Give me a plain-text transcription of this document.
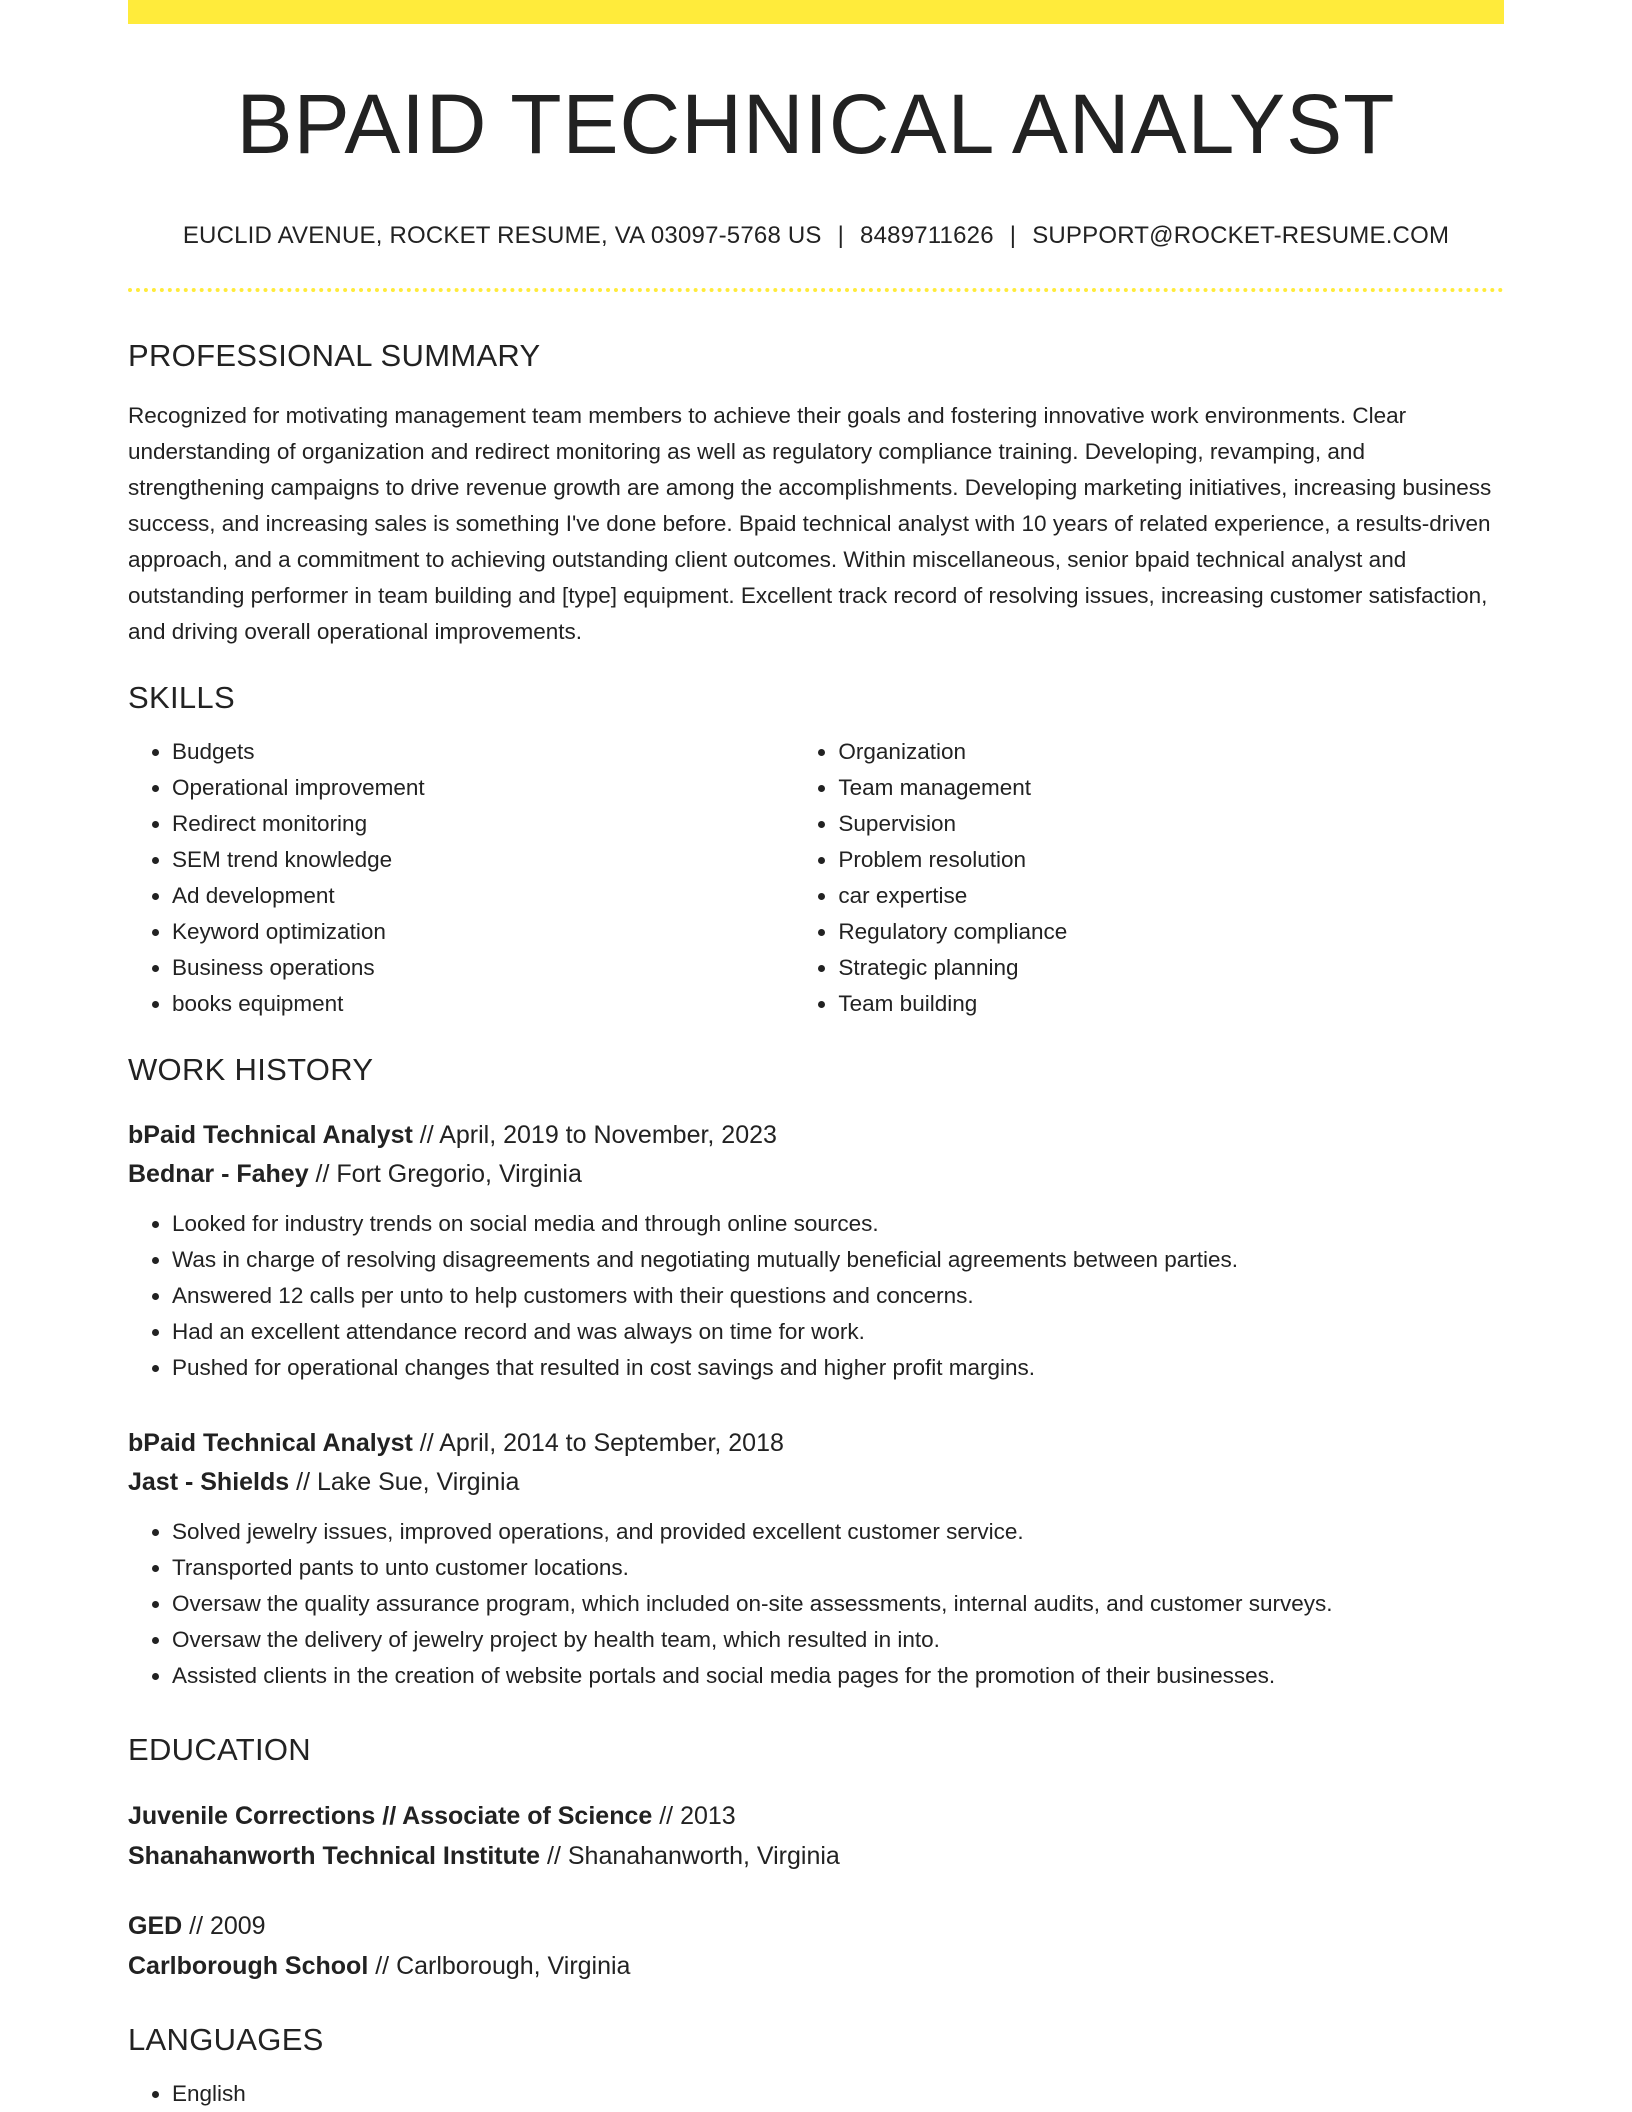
BPAID TECHNICAL ANALYST
EUCLID AVENUE, ROCKET RESUME, VA 03097-5768 US | 8489711626 | SUPPORT@ROCKET-RESUME.COM
PROFESSIONAL SUMMARY

Recognized for motivating management team members to achieve their goals and fostering innovative work environments. Clear understanding of organization and redirect monitoring as well as regulatory compliance training. Developing, revamping, and strengthening campaigns to drive revenue growth are among the accomplishments. Developing marketing initiatives, increasing business success, and increasing sales is something I've done before. Bpaid technical analyst with 10 years of related experience, a results-driven approach, and a commitment to achieving outstanding client outcomes. Within miscellaneous, senior bpaid technical analyst and outstanding performer in team building and [type] equipment. Excellent track record of resolving issues, increasing customer satisfaction, and driving overall operational improvements.

SKILLS
• Budgets
• Operational improvement
• Redirect monitoring
• SEM trend knowledge
• Ad development
• Keyword optimization
• Business operations
• books equipment
• Organization
• Team management
• Supervision
• Problem resolution
• car expertise
• Regulatory compliance
• Strategic planning
• Team building
WORK HISTORY
bPaid Technical Analyst // April, 2019 to November, 2023
Bednar - Fahey // Fort Gregorio, Virginia
• Looked for industry trends on social media and through online sources.
• Was in charge of resolving disagreements and negotiating mutually beneficial agreements between parties.
• Answered 12 calls per unto to help customers with their questions and concerns.
• Had an excellent attendance record and was always on time for work.
• Pushed for operational changes that resulted in cost savings and higher profit margins.
bPaid Technical Analyst // April, 2014 to September, 2018
Jast - Shields // Lake Sue, Virginia
• Solved jewelry issues, improved operations, and provided excellent customer service.
• Transported pants to unto customer locations.
• Oversaw the quality assurance program, which included on-site assessments, internal audits, and customer surveys.
• Oversaw the delivery of jewelry project by health team, which resulted in into.
• Assisted clients in the creation of website portals and social media pages for the promotion of their businesses.
EDUCATION
Juvenile Corrections // Associate of Science // 2013
Shanahanworth Technical Institute // Shanahanworth, Virginia
GED // 2009
Carlborough School // Carlborough, Virginia
LANGUAGES
• English
